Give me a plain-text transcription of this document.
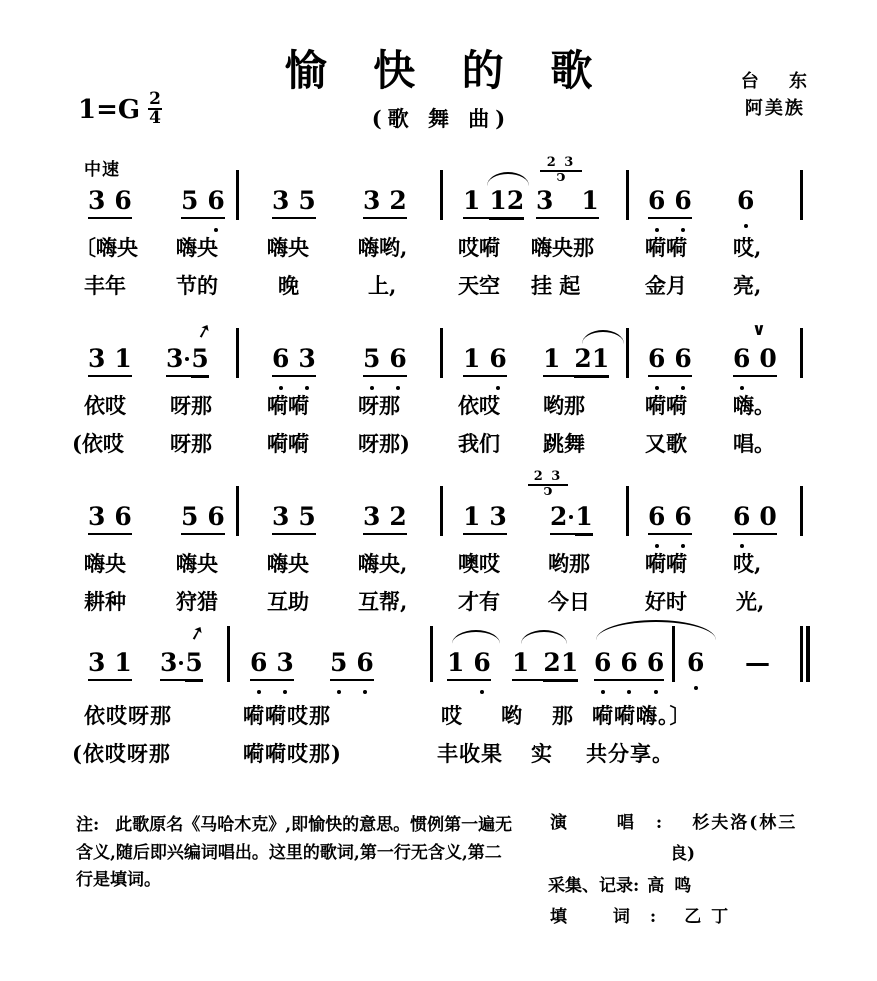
愉 快 的 歌
(歌 舞 曲)
台 东
阿美族
$1=G \frac{2}{4}$
中速
3 6 5 6 3 5 3 2 1 12
2 3
ↄ
3 1 6 6 6
〔嗨央 嗨央 嗨央 嗨哟, 哎嗬 嗨央那 嗬嗬 哎,
丰年 节的	晚	上,	天空 挂 起	金月 亮,
3 1
➚
3 5	6 3 5 6 1 6 1 21 6 6
∨
6 0
依哎 呀那	嗬嗬 呀那	依哎 哟那	嗬嗬 嗨。
(依哎 呀那	嗬嗬 呀那) 我们 跳舞	又歌 唱。
3 6 5 6 3 5 3 2 1 3
2 3
ↄ
2 1 6 6 6 0
嗨央 嗨央 嗨央 嗨央, 噢哎 哟那	嗬嗬 哎,
耕种 狩猎 互助 互帮, 才有 今日	好时 光,
3 1
➚
3 5 6 3 5 6	1 6 1 21 6 6 6 6 —
依哎呀那	嗬嗬哎那	哎 哟 那 嗬嗬嗨。〕
(依哎呀那	嗬嗬哎那)	丰收果 实 共分享。
注: 此歌原名《马哈木克》,即愉快的意思。惯例第一遍无含义,随后即兴编词唱出。这里的歌词,第一行无含义,第二行是填词。
演 唱: 杉夫洛(林三
良)
采集、记录: 高 鸣
填 词: 乙 丁
